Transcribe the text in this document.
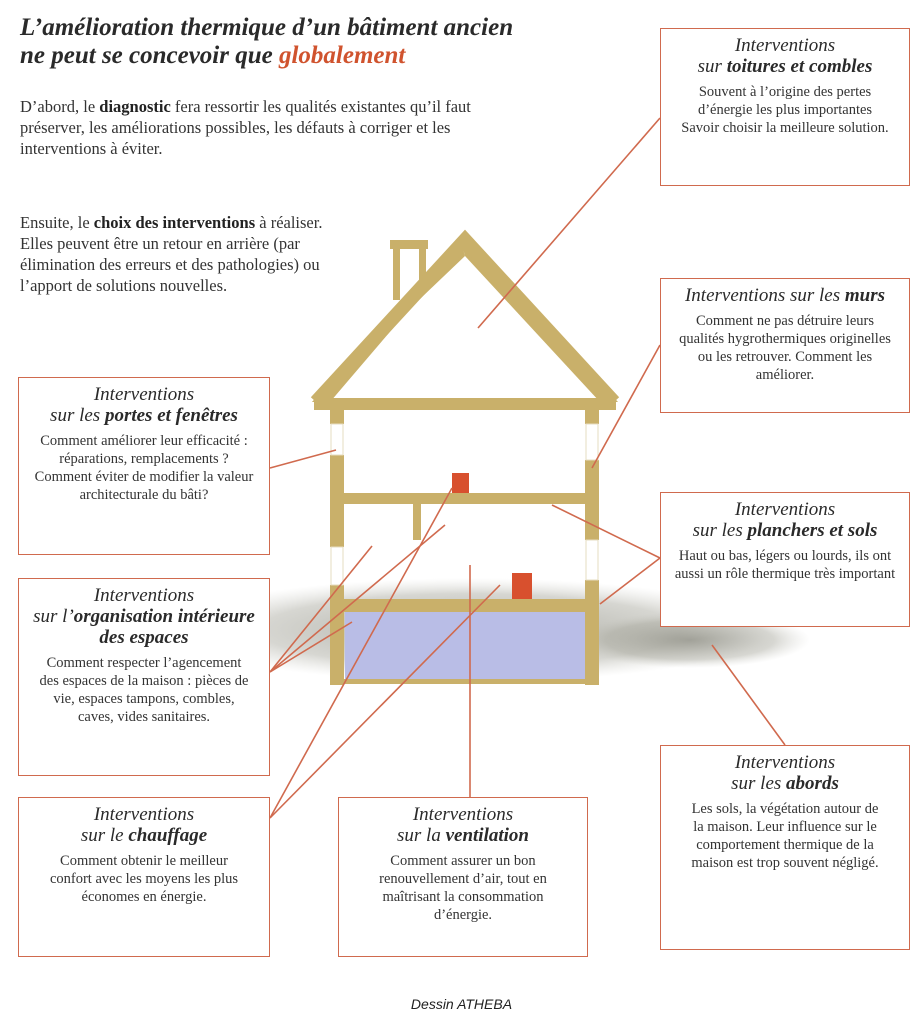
L’amélioration thermique d’un bâtiment ancien
ne peut se concevoir que globalement
D’abord, le diagnostic fera ressortir les qualités existantes qu’il faut préserver, les améliorations possibles, les défauts à corriger et les interventions à éviter.
Ensuite, le choix des interventions à réaliser. Elles peuvent être un retour en arrière (par élimination des erreurs et des pathologies) ou l’apport de solutions nouvelles.
Interventions
sur toitures et combles
Souvent à l’origine des pertes d’énergie les plus importantes Savoir choisir la meilleure solution.
Interventions sur les murs
Comment ne pas détruire leurs qualités hygrothermiques originelles ou les retrouver. Comment les améliorer.
Interventions
sur les portes et fenêtres
Comment améliorer leur efficacité : réparations, remplacements ? Comment éviter de modifier la valeur architecturale du bâti?
Interventions
sur les planchers et sols
Haut ou bas, légers ou lourds, ils ont aussi un rôle thermique très important
Interventions
sur l’organisation intérieure des espaces
Comment respecter l’agencement des espaces de la maison : pièces de vie, espaces tampons, combles, caves, vides sanitaires.
Interventions
sur le chauffage
Comment obtenir le meilleur confort avec les moyens les plus économes en énergie.
Interventions
sur la ventilation
Comment assurer un bon renouvellement d’air, tout en maîtrisant la consommation d’énergie.
Interventions
sur les abords
Les sols, la végétation autour de la maison. Leur influence sur le comportement thermique de la maison est trop souvent négligé.
Dessin ATHEBA
